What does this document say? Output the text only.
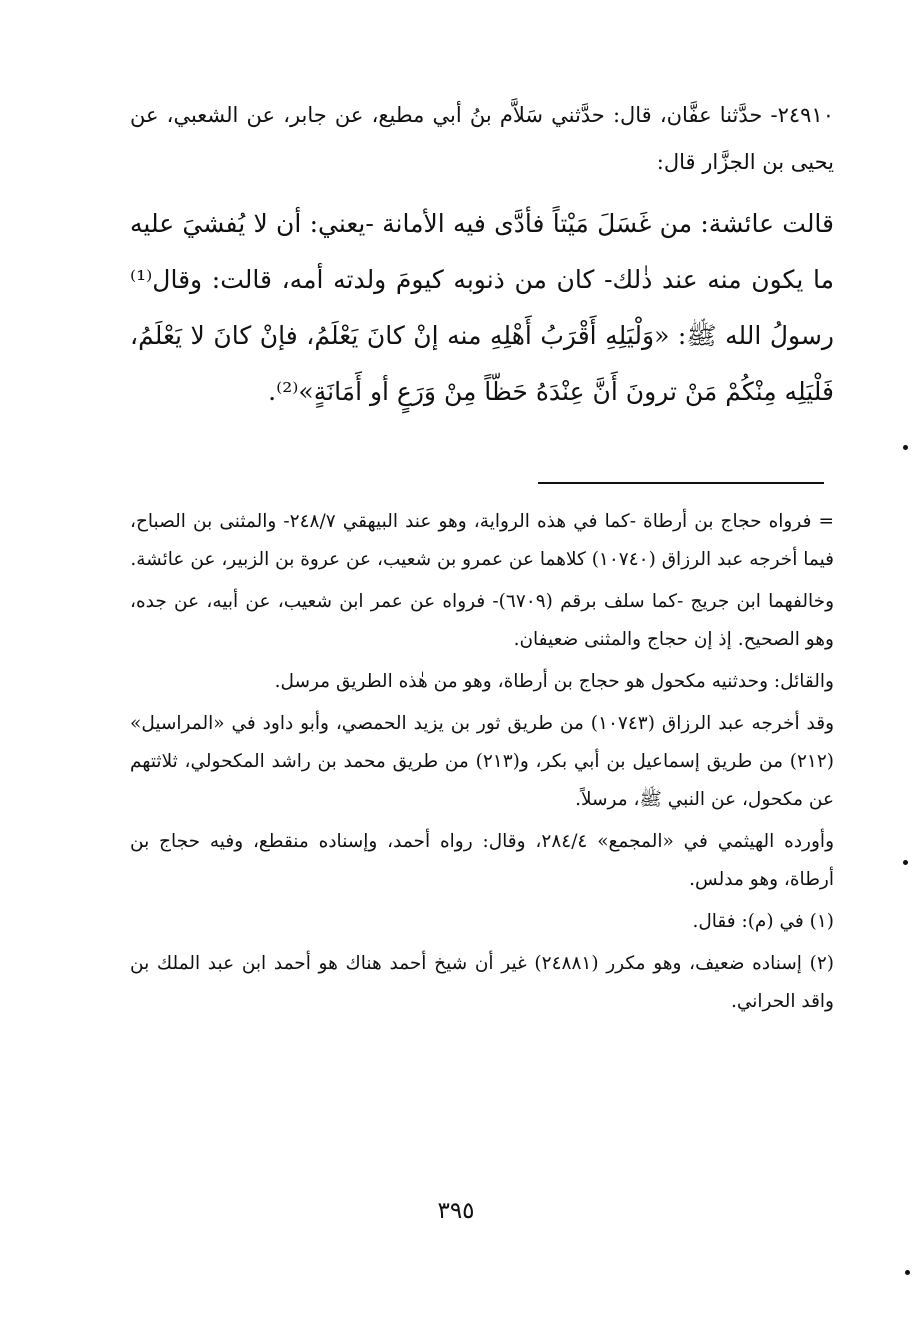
٢٤٩١٠- حدَّثنا عفَّان، قال: حدَّثني سَلاَّم بنُ أبي مطيع، عن جابر، عن الشعبي، عن يحيى بن الجزَّار قال:

قالت عائشة: من غَسَلَ مَيْتاً فأدَّى فيه الأمانة -يعني: أن لا يُفشيَ عليه ما يكون منه عند ذٰلك- كان من ذنوبه كيومَ ولدته أمه، قالت: وقال⁽¹⁾ رسولُ الله ﷺ: «وَلْيَلِهِ أَقْرَبُ أَهْلِهِ منه إنْ كانَ يَعْلَمُ، فإنْ كانَ لا يَعْلَمُ، فَلْيَلِه مِنْكُمْ مَنْ ترونَ أَنَّ عِنْدَهُ حَظّاً مِنْ وَرَعٍ أو أَمَانَةٍ»⁽²⁾.

= فرواه حجاج بن أرطاة -كما في هذه الرواية، وهو عند البيهقي ٢٤٨/٧- والمثنى بن الصباح، فيما أخرجه عبد الرزاق (١٠٧٤٠) كلاهما عن عمرو بن شعيب، عن عروة بن الزبير، عن عائشة.

وخالفهما ابن جريج -كما سلف برقم (٦٧٠٩)- فرواه عن عمر ابن شعيب، عن أبيه، عن جده، وهو الصحيح. إذ إن حجاج والمثنى ضعيفان.

والقائل: وحدثنيه مكحول هو حجاج بن أرطاة، وهو من هٰذه الطريق مرسل.

وقد أخرجه عبد الرزاق (١٠٧٤٣) من طريق ثور بن يزيد الحمصي، وأبو داود في «المراسيل» (٢١٢) من طريق إسماعيل بن أبي بكر، و(٢١٣) من طريق محمد بن راشد المكحولي، ثلاثتهم عن مكحول، عن النبي ﷺ، مرسلاً.

وأورده الهيثمي في «المجمع» ٢٨٤/٤، وقال: رواه أحمد، وإسناده منقطع، وفيه حجاج بن أرطاة، وهو مدلس.

(١) في (م): فقال.

(٢) إسناده ضعيف، وهو مكرر (٢٤٨٨١) غير أن شيخ أحمد هناك هو أحمد ابن عبد الملك بن واقد الحراني.

٣٩٥
